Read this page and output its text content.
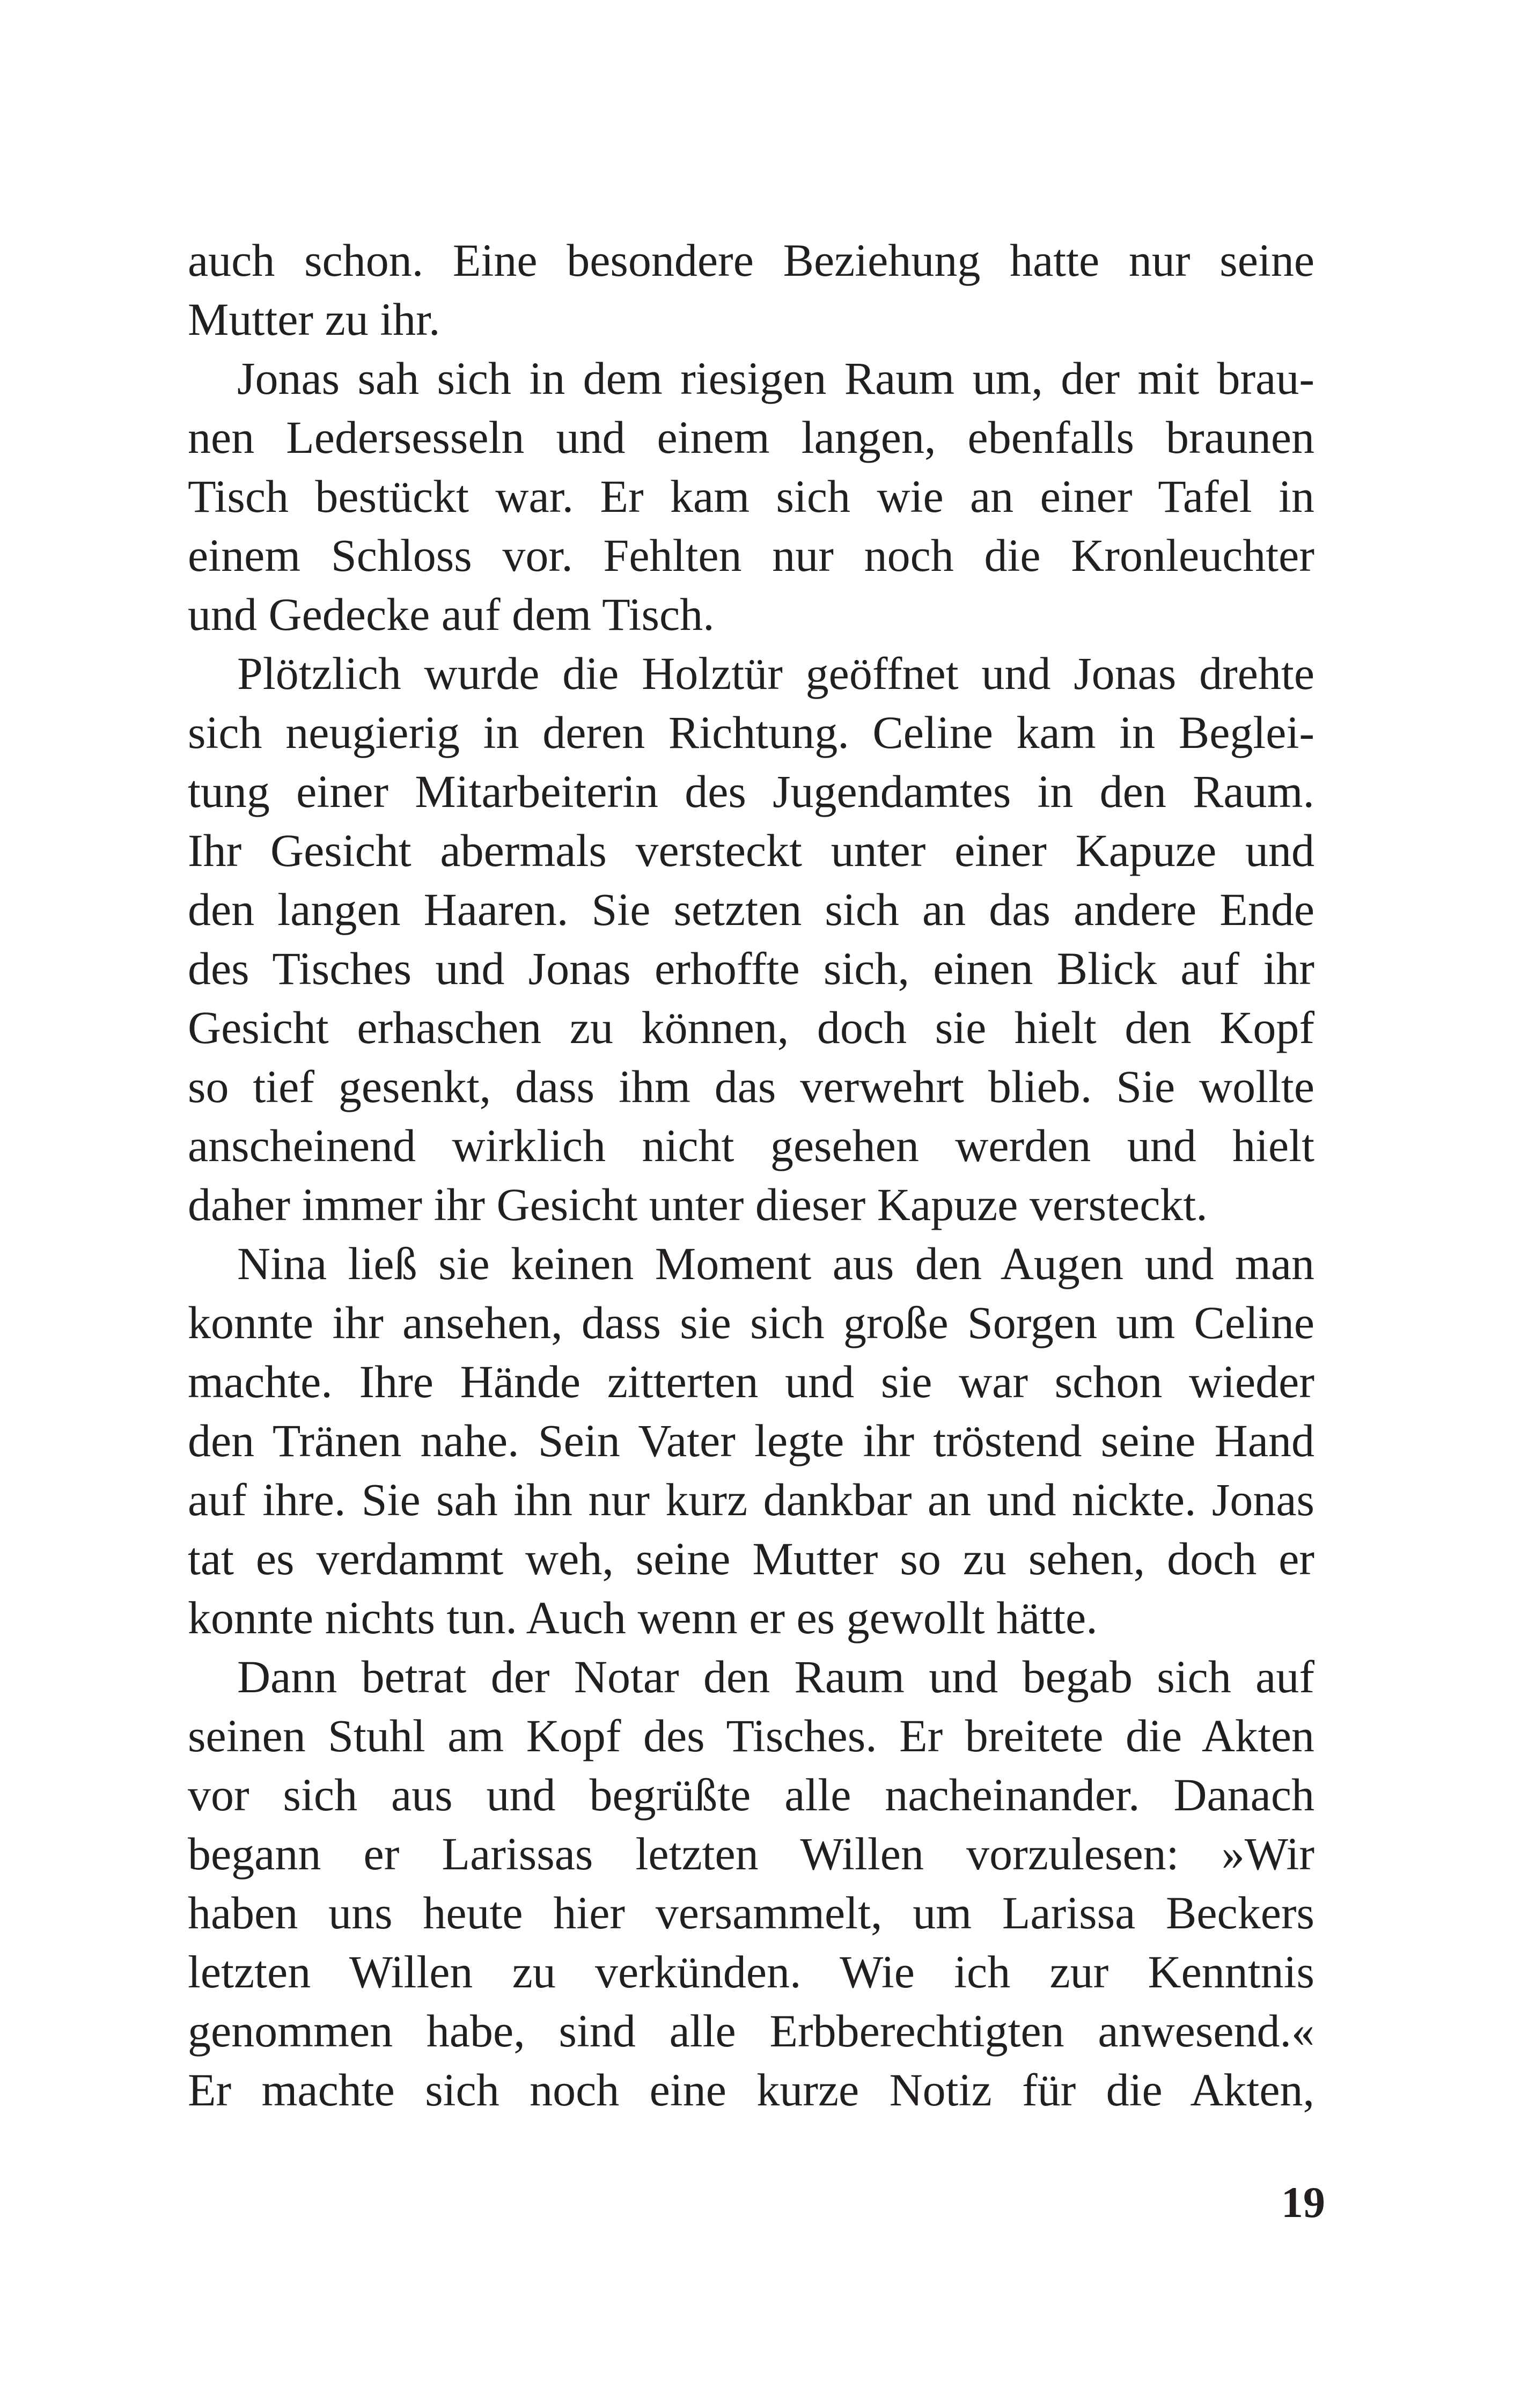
auch schon. Eine besondere Beziehung hatte nur seine
Mutter zu ihr.
Jonas sah sich in dem riesigen Raum um, der mit brau-
nen Ledersesseln und einem langen, ebenfalls braunen
Tisch bestückt war. Er kam sich wie an einer Tafel in
einem Schloss vor. Fehlten nur noch die Kronleuchter
und Gedecke auf dem Tisch.
Plötzlich wurde die Holztür geöffnet und Jonas drehte
sich neugierig in deren Richtung. Celine kam in Beglei-
tung einer Mitarbeiterin des Jugendamtes in den Raum.
Ihr Gesicht abermals versteckt unter einer Kapuze und
den langen Haaren. Sie setzten sich an das andere Ende
des Tisches und Jonas erhoffte sich, einen Blick auf ihr
Gesicht erhaschen zu können, doch sie hielt den Kopf
so tief gesenkt, dass ihm das verwehrt blieb. Sie wollte
anscheinend wirklich nicht gesehen werden und hielt
daher immer ihr Gesicht unter dieser Kapuze versteckt.
Nina ließ sie keinen Moment aus den Augen und man
konnte ihr ansehen, dass sie sich große Sorgen um Celine
machte. Ihre Hände zitterten und sie war schon wieder
den Tränen nahe. Sein Vater legte ihr tröstend seine Hand
auf ihre. Sie sah ihn nur kurz dankbar an und nickte. Jonas
tat es verdammt weh, seine Mutter so zu sehen, doch er
konnte nichts tun. Auch wenn er es gewollt hätte.
Dann betrat der Notar den Raum und begab sich auf
seinen Stuhl am Kopf des Tisches. Er breitete die Akten
vor sich aus und begrüßte alle nacheinander. Danach
begann er Larissas letzten Willen vorzulesen: »Wir
haben uns heute hier versammelt, um Larissa Beckers
letzten Willen zu verkünden. Wie ich zur Kenntnis
genommen habe, sind alle Erbberechtigten anwesend.«
Er machte sich noch eine kurze Notiz für die Akten,
19
